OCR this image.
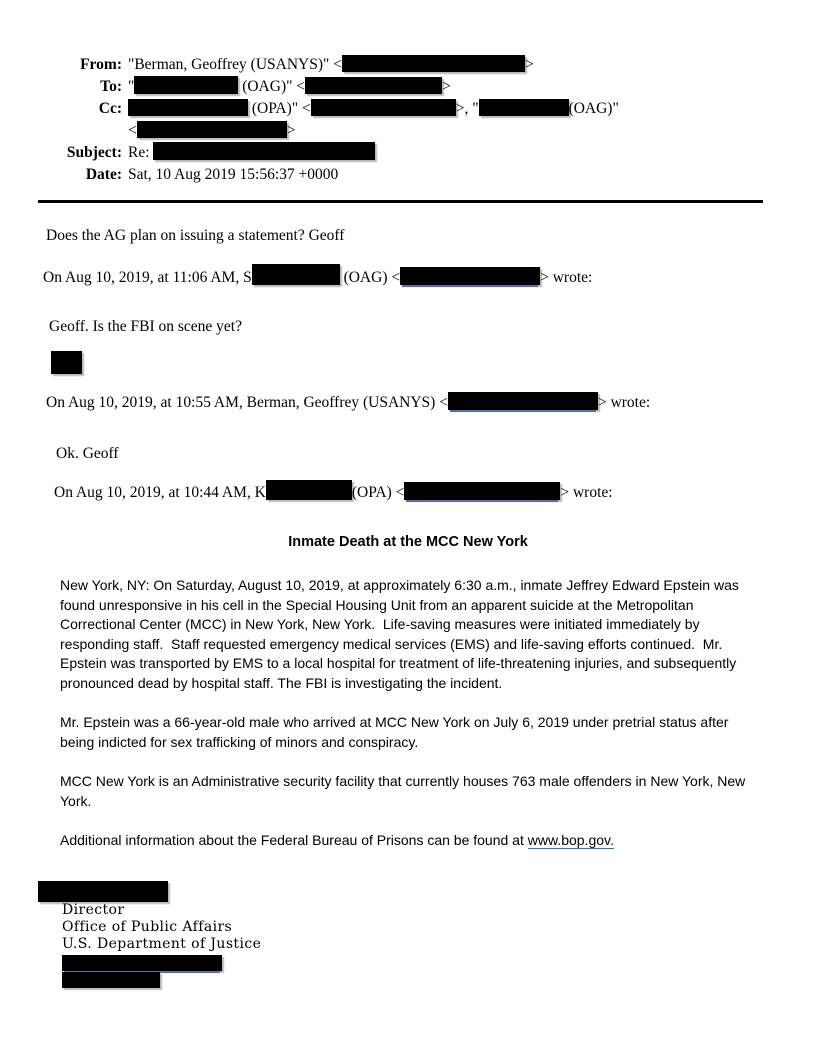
From: "Berman, Geoffrey (USANYS)" <	>
To: "	(OAG)" <	>
Cc:	(OPA)" <	>, "	(OAG)"
<	>
Subject: Re:
Date: Sat, 10 Aug 2019 15:56:37 +0000

Does the AG plan on issuing a statement? Geoff

On Aug 10, 2019, at 11:06 AM, S	(OAG) <	> wrote:

Geoff. Is the FBI on scene yet?

On Aug 10, 2019, at 10:55 AM, Berman, Geoffrey (USANYS) <	> wrote:

Ok. Geoff

On Aug 10, 2019, at 10:44 AM, K	(OPA) <	> wrote:

Inmate Death at the MCC New York

New York, NY: On Saturday, August 10, 2019, at approximately 6:30 a.m., inmate Jeffrey Edward Epstein was found unresponsive in his cell in the Special Housing Unit from an apparent suicide at the Metropolitan Correctional Center (MCC) in New York, New York.  Life-saving measures were initiated immediately by responding staff.  Staff requested emergency medical services (EMS) and life-saving efforts continued.  Mr. Epstein was transported by EMS to a local hospital for treatment of life-threatening injuries, and subsequently pronounced dead by hospital staff. The FBI is investigating the incident.

Mr. Epstein was a 66-year-old male who arrived at MCC New York on July 6, 2019 under pretrial status after being indicted for sex trafficking of minors and conspiracy.

MCC New York is an Administrative security facility that currently houses 763 male offenders in New York, New York.

Additional information about the Federal Bureau of Prisons can be found at www.bop.gov.

Director

Office of Public Affairs

U.S. Department of Justice
